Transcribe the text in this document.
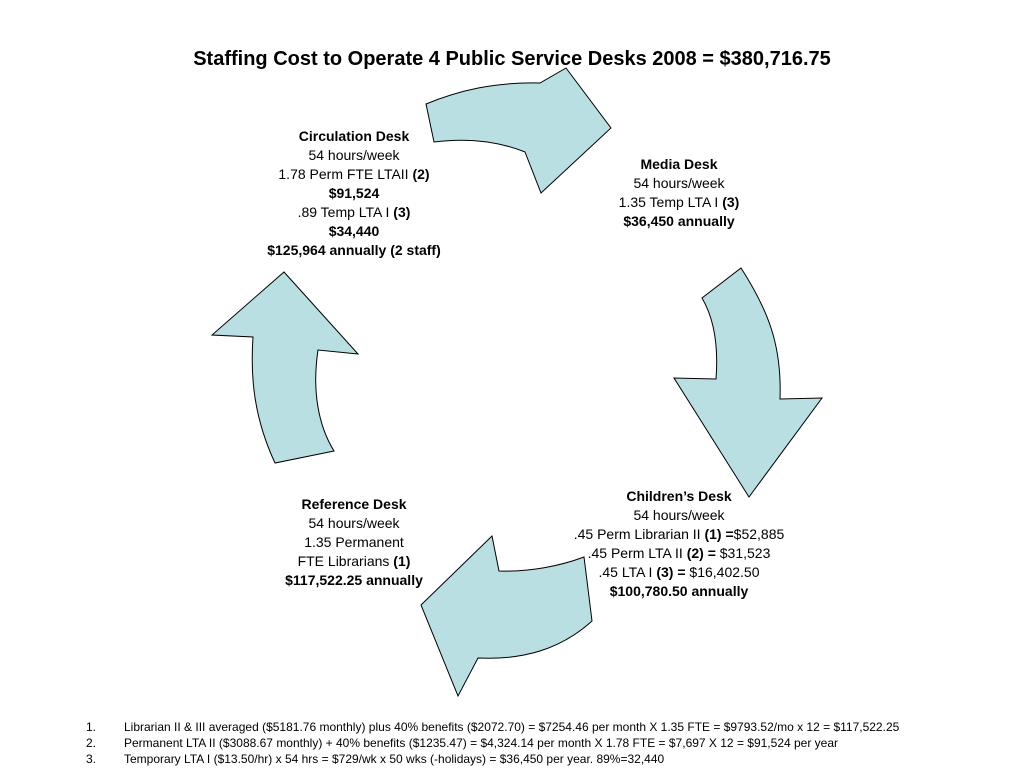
Staffing Cost to Operate 4 Public Service Desks 2008 = $380,716.75
Circulation Desk
54 hours/week
1.78 Perm FTE LTAII (2)
$91,524
.89 Temp LTA I (3)
$34,440
$125,964 annually (2 staff)
Media Desk
54 hours/week
1.35 Temp LTA I (3)
$36,450 annually
Children’s Desk
54 hours/week
.45 Perm Librarian II (1) =$52,885
.45 Perm LTA II (2) = $31,523
.45 LTA I (3) = $16,402.50
$100,780.50 annually
Reference Desk
54 hours/week
1.35 Permanent
FTE Librarians (1)
$117,522.25 annually
1.	Librarian II & III averaged ($5181.76 monthly) plus 40% benefits ($2072.70) = $7254.46 per month X 1.35 FTE = $9793.52/mo x 12 = $117,522.25
2.	Permanent LTA II ($3088.67 monthly) + 40% benefits ($1235.47) = $4,324.14 per month X 1.78 FTE = $7,697 X 12 = $91,524 per year
3.	Temporary LTA I ($13.50/hr) x 54 hrs = $729/wk x 50 wks (-holidays) = $36,450 per year. 89%=32,440
